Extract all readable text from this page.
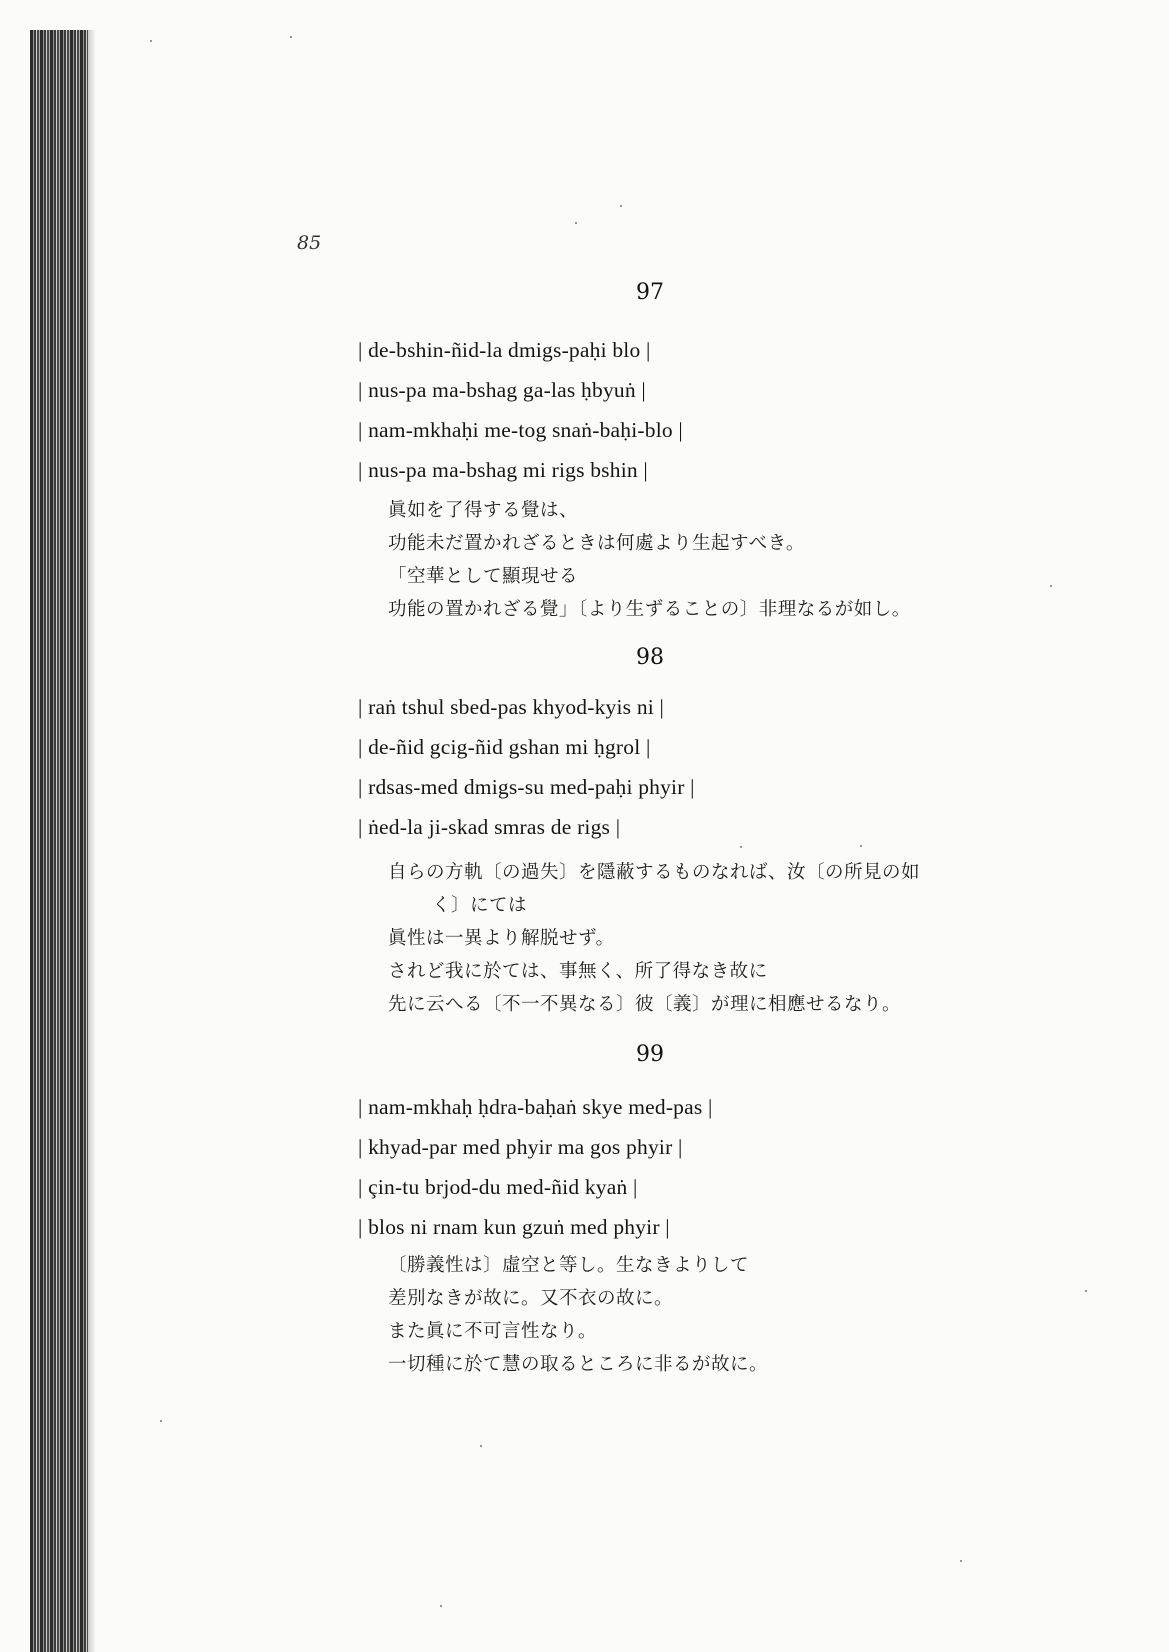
85
97
| de-bshin-ñid-la dmigs-paḥi blo |
| nus-pa ma-bshag ga-las ḥbyuṅ |
| nam-mkhaḥi me-tog snaṅ-baḥi-blo |
| nus-pa ma-bshag mi rigs bshin |
眞如を了得する覺は、
功能未だ置かれざるときは何處より生起すべき。
「空華として顯現せる
功能の置かれざる覺」〔より生ずることの〕非理なるが如し。
98
| raṅ tshul sbed-pas khyod-kyis ni |
| de-ñid gcig-ñid gshan mi ḥgrol |
| rdsas-med dmigs-su med-paḥi phyir |
| ṅed-la ji-skad smras de rigs |
自らの方軌〔の過失〕を隱蔽するものなれば、汝〔の所見の如
く〕にては
眞性は一異より解脱せず。
されど我に於ては、事無く、所了得なき故に
先に云へる〔不一不異なる〕彼〔義〕が理に相應せるなり。
99
| nam-mkhaḥ ḥdra-baḥaṅ skye med-pas |
| khyad-par med phyir ma gos phyir |
| çin-tu brjod-du med-ñid kyaṅ |
| blos ni rnam kun gzuṅ med phyir |
〔勝義性は〕虛空と等し。生なきよりして
差別なきが故に。又不衣の故に。
また眞に不可言性なり。
一切種に於て慧の取るところに非るが故に。
